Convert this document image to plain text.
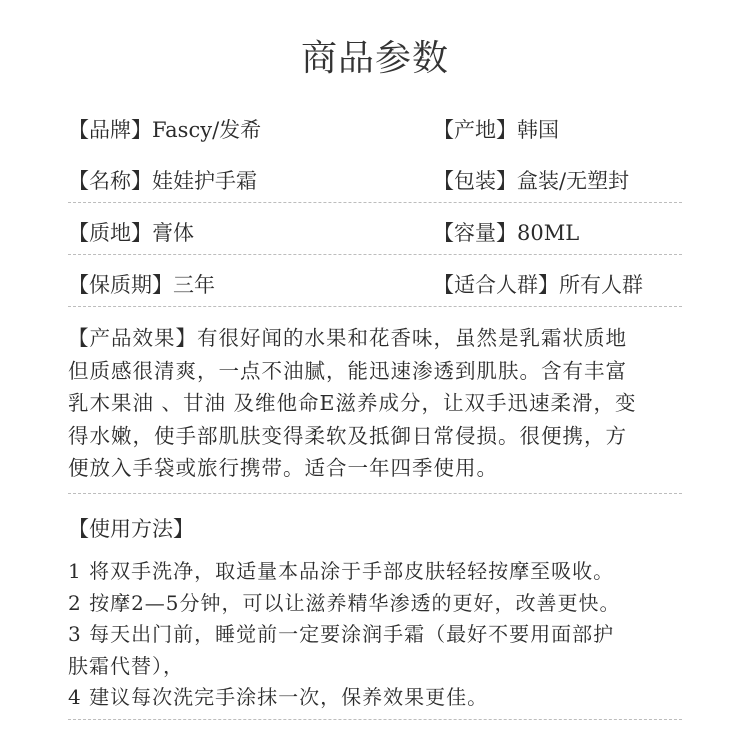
商品参数
【品牌】Fascy/发希	【产地】韩国
【名称】娃娃护手霜	【包装】盒装/无塑封
【质地】膏体	【容量】80ML
【保质期】三年	【适合人群】所有人群
【产品效果】有很好闻的水果和花香味，虽然是乳霜状质地
但质感很清爽，一点不油腻，能迅速渗透到肌肤。含有丰富
乳木果油 、甘油 及维他命E滋养成分，让双手迅速柔滑，变
得水嫩，使手部肌肤变得柔软及抵御日常侵损。很便携，方
便放入手袋或旅行携带。适合一年四季使用。
【使用方法】
1 将双手洗净，取适量本品涂于手部皮肤轻轻按摩至吸收。
2 按摩2—5分钟，可以让滋养精华渗透的更好，改善更快。
3 每天出门前，睡觉前一定要涂润手霜（最好不要用面部护
肤霜代替），
4 建议每次洗完手涂抹一次，保养效果更佳。
